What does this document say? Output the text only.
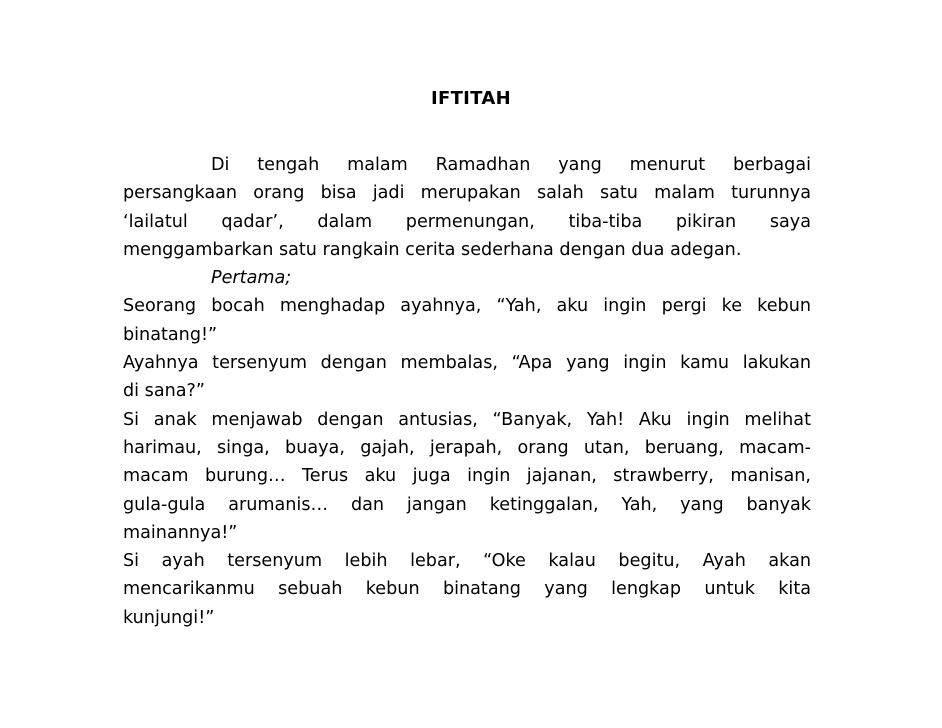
IFTITAH
Di tengah malam Ramadhan yang menurut berbagai
persangkaan orang bisa jadi merupakan salah satu malam turunnya
‘lailatul qadar’, dalam permenungan, tiba-tiba pikiran saya
menggambarkan satu rangkain cerita sederhana dengan dua adegan.
Pertama;
Seorang bocah menghadap ayahnya, “Yah, aku ingin pergi ke kebun
binatang!”
Ayahnya tersenyum dengan membalas, “Apa yang ingin kamu lakukan
di sana?”
Si anak menjawab dengan antusias, “Banyak, Yah! Aku ingin melihat
harimau, singa, buaya, gajah, jerapah, orang utan, beruang, macam-
macam burung… Terus aku juga ingin jajanan, strawberry, manisan,
gula-gula arumanis… dan jangan ketinggalan, Yah, yang banyak
mainannya!”
Si ayah tersenyum lebih lebar, “Oke kalau begitu, Ayah akan
mencarikanmu sebuah kebun binatang yang lengkap untuk kita
kunjungi!”
